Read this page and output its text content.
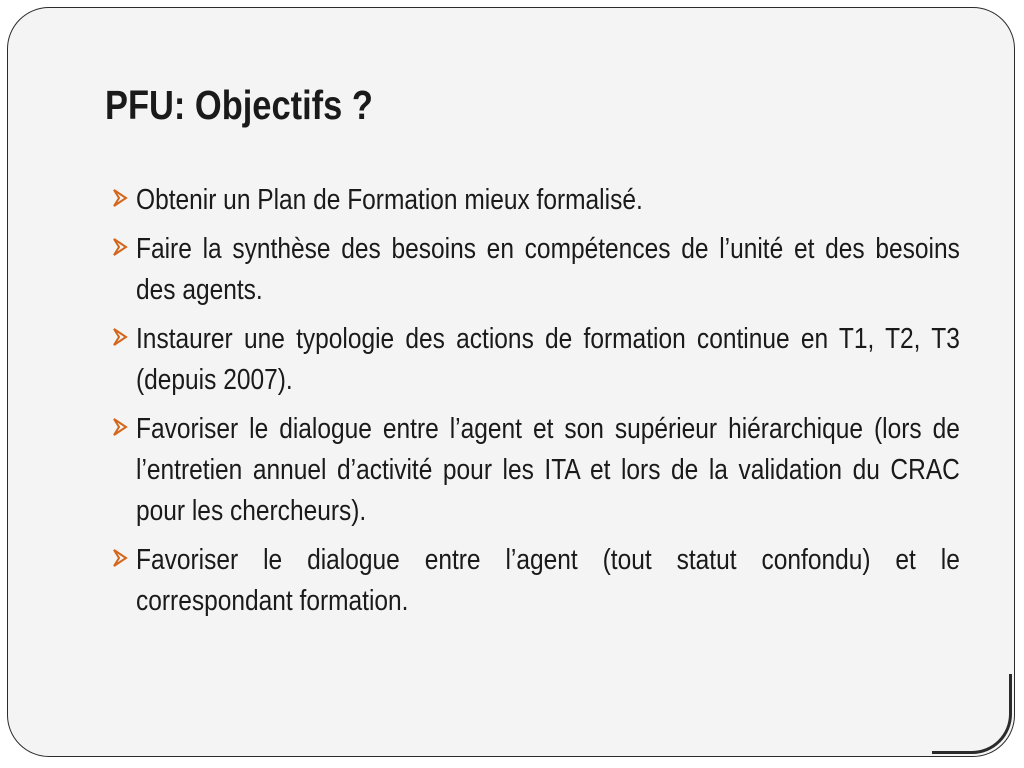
PFU: Objectifs ?
Obtenir un Plan de Formation mieux formalisé.
Faire la synthèse des besoins en compétences de l’unité et des besoins des agents.
Instaurer une typologie des actions de formation continue en T1, T2, T3 (depuis 2007).
Favoriser le dialogue entre l’agent et son supérieur hiérarchique (lors de l’entretien annuel d’activité pour les ITA et lors de la validation du CRAC pour les chercheurs).
Favoriser le dialogue entre l’agent (tout statut confondu) et le correspondant formation.
